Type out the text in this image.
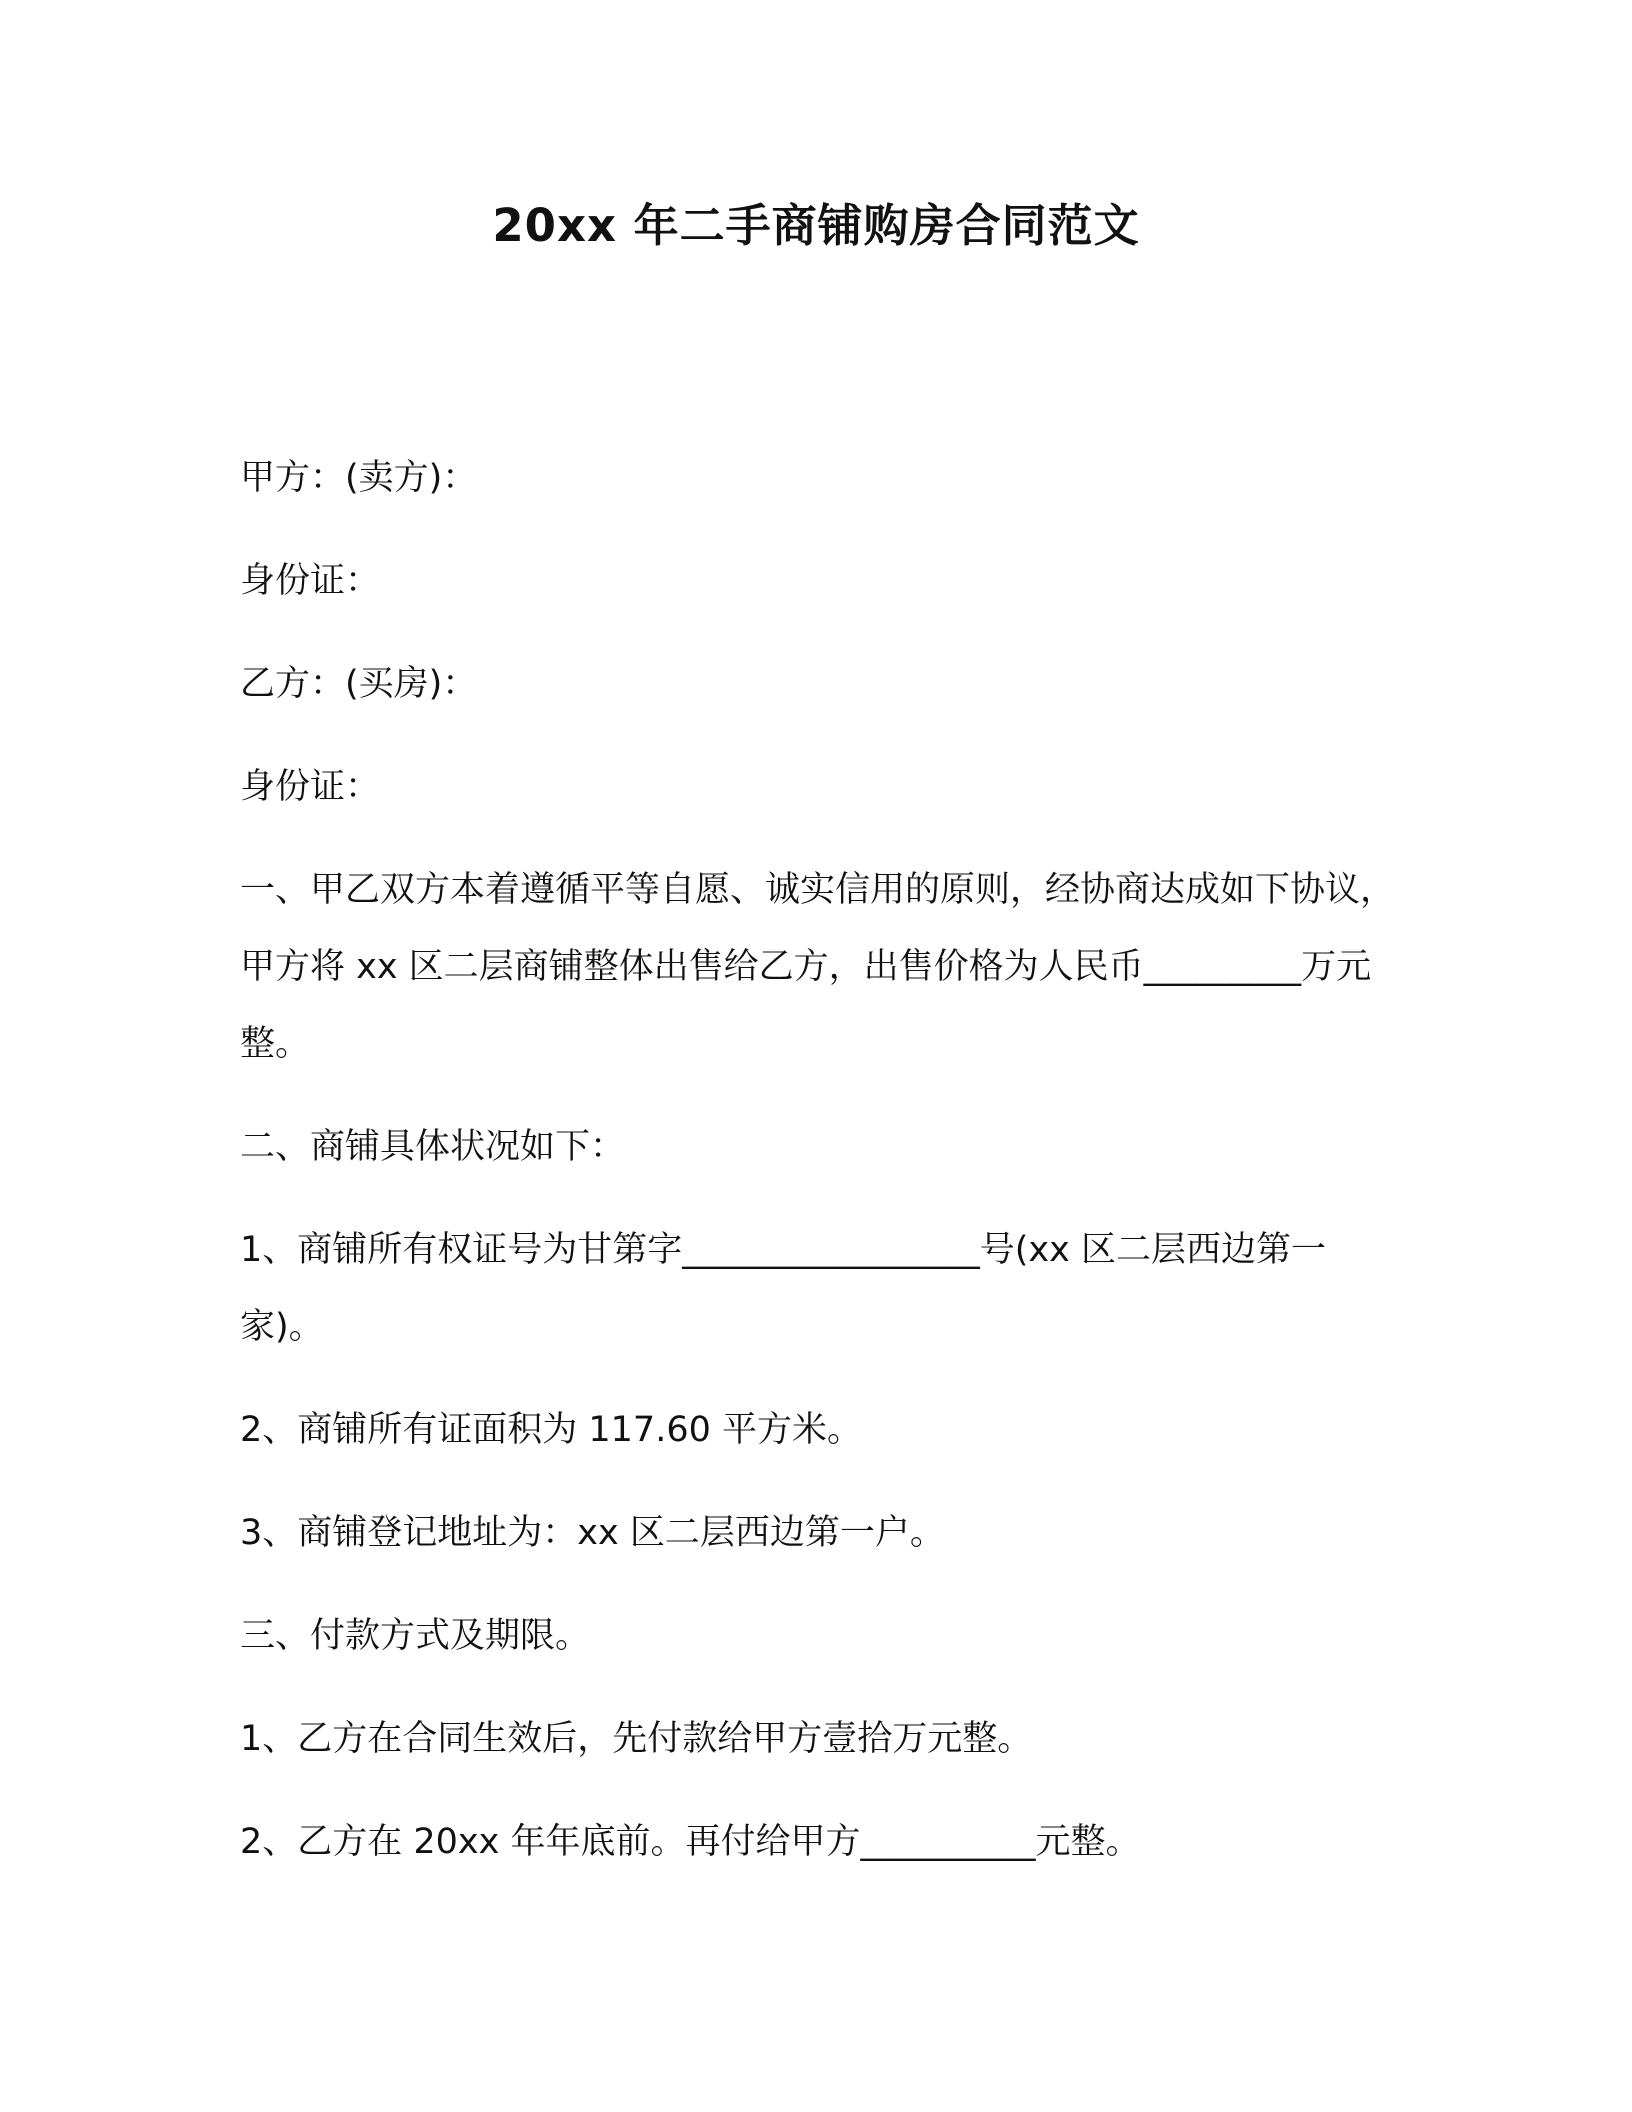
20xx 年二手商铺购房合同范文

甲方：(卖方)：

身份证：

乙方：(买房)：

身份证：

一、甲乙双方本着遵循平等自愿、诚实信用的原则，经协商达成如下协议，甲方将 xx 区二层商铺整体出售给乙方，出售价格为人民币_________万元整。

二、商铺具体状况如下：

1、商铺所有权证号为甘第字_________________号(xx 区二层西边第一家)。

2、商铺所有证面积为 117.60 平方米。

3、商铺登记地址为：xx 区二层西边第一户。

三、付款方式及期限。

1、乙方在合同生效后，先付款给甲方壹拾万元整。

2、乙方在 20xx 年年底前。再付给甲方__________元整。
